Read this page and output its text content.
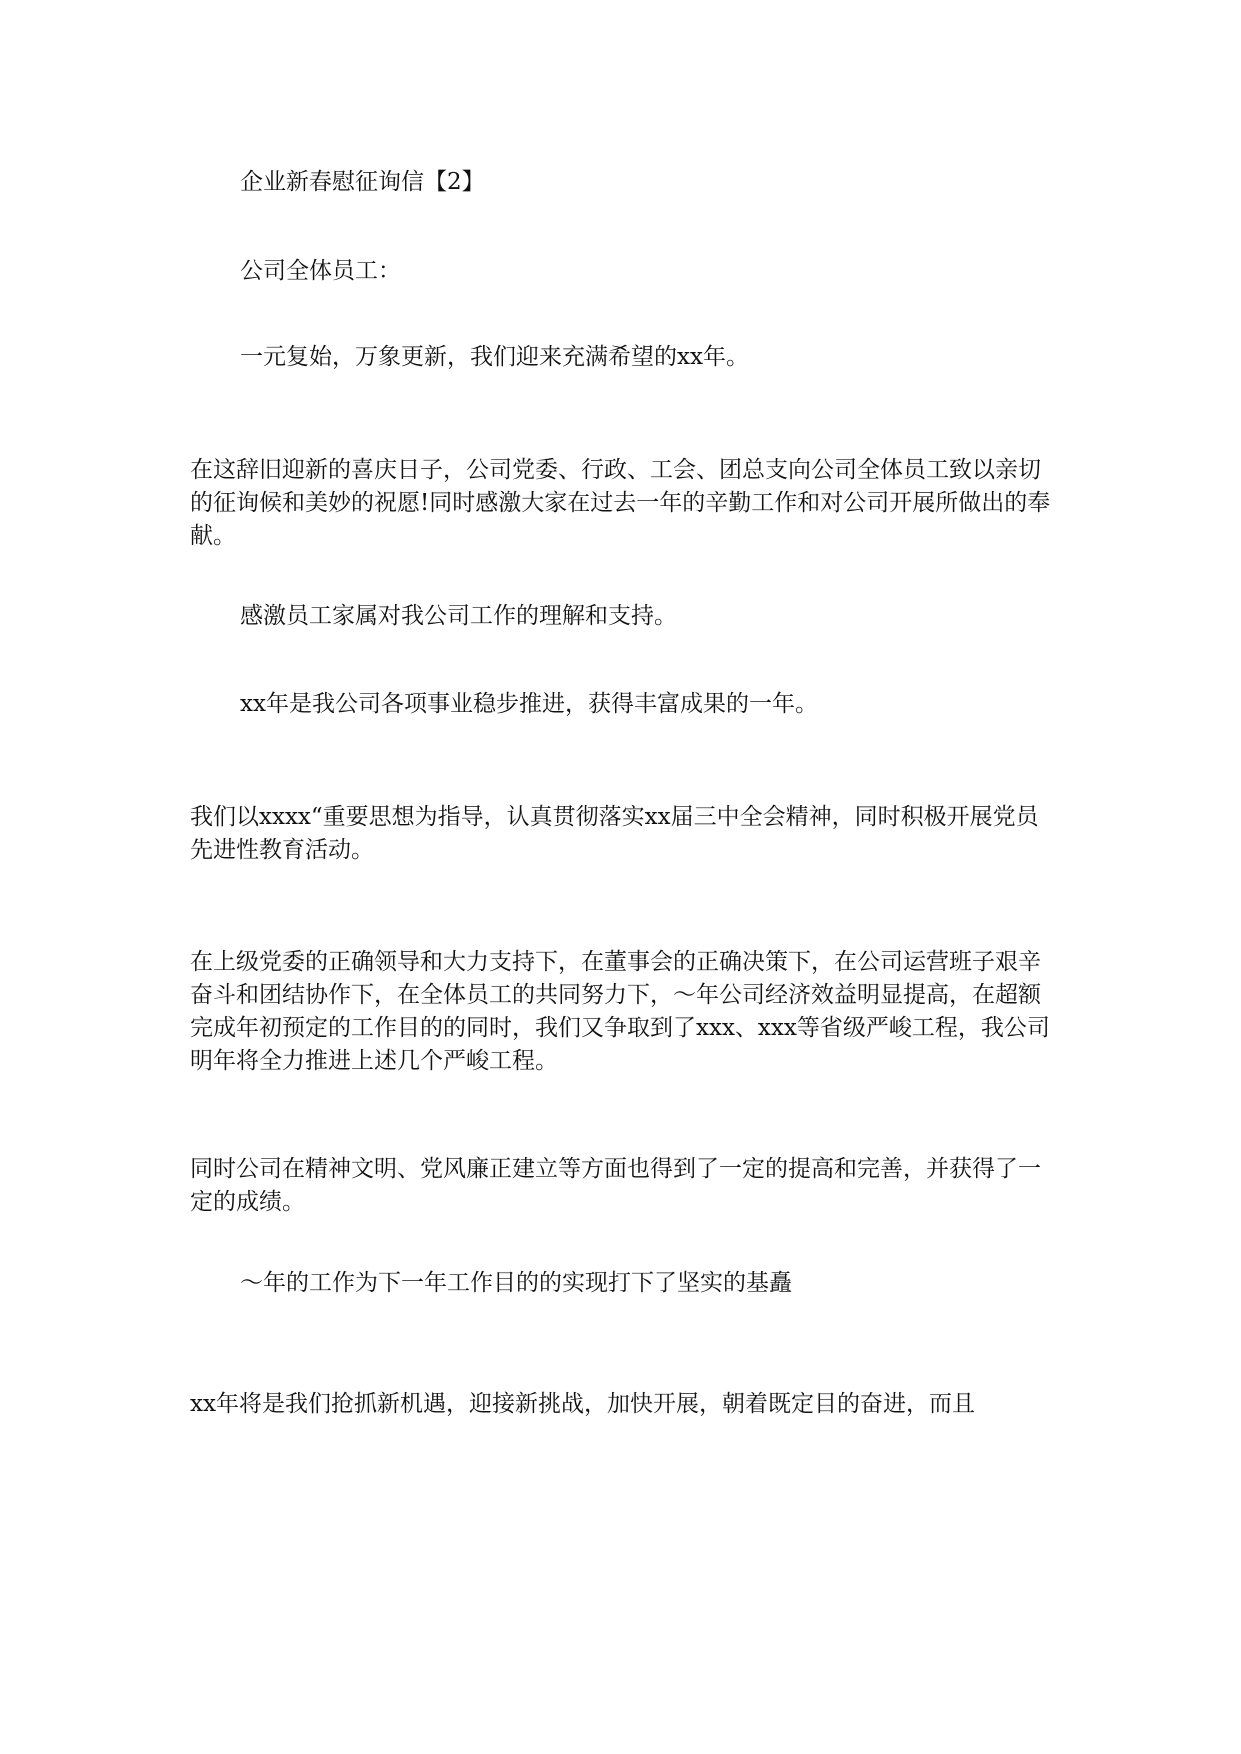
企业新春慰征询信【2】

公司全体员工：

一元复始，万象更新，我们迎来充满希望的xx年。

在这辞旧迎新的喜庆日子，公司党委、行政、工会、团总支向公司全体员工致以亲切的征询候和美妙的祝愿!同时感激大家在过去一年的辛勤工作和对公司开展所做出的奉献。

感激员工家属对我公司工作的理解和支持。

xx年是我公司各项事业稳步推进，获得丰富成果的一年。

我们以xxxx“重要思想为指导，认真贯彻落实xx届三中全会精神，同时积极开展党员先进性教育活动。

在上级党委的正确领导和大力支持下，在董事会的正确决策下，在公司运营班子艰辛奋斗和团结协作下，在全体员工的共同努力下，～年公司经济效益明显提高，在超额完成年初预定的工作目的的同时，我们又争取到了xxx、xxx等省级严峻工程，我公司明年将全力推进上述几个严峻工程。

同时公司在精神文明、党风廉正建立等方面也得到了一定的提高和完善，并获得了一定的成绩。

～年的工作为下一年工作目的的实现打下了坚实的基矗

xx年将是我们抢抓新机遇，迎接新挑战，加快开展，朝着既定目的奋进，而且
